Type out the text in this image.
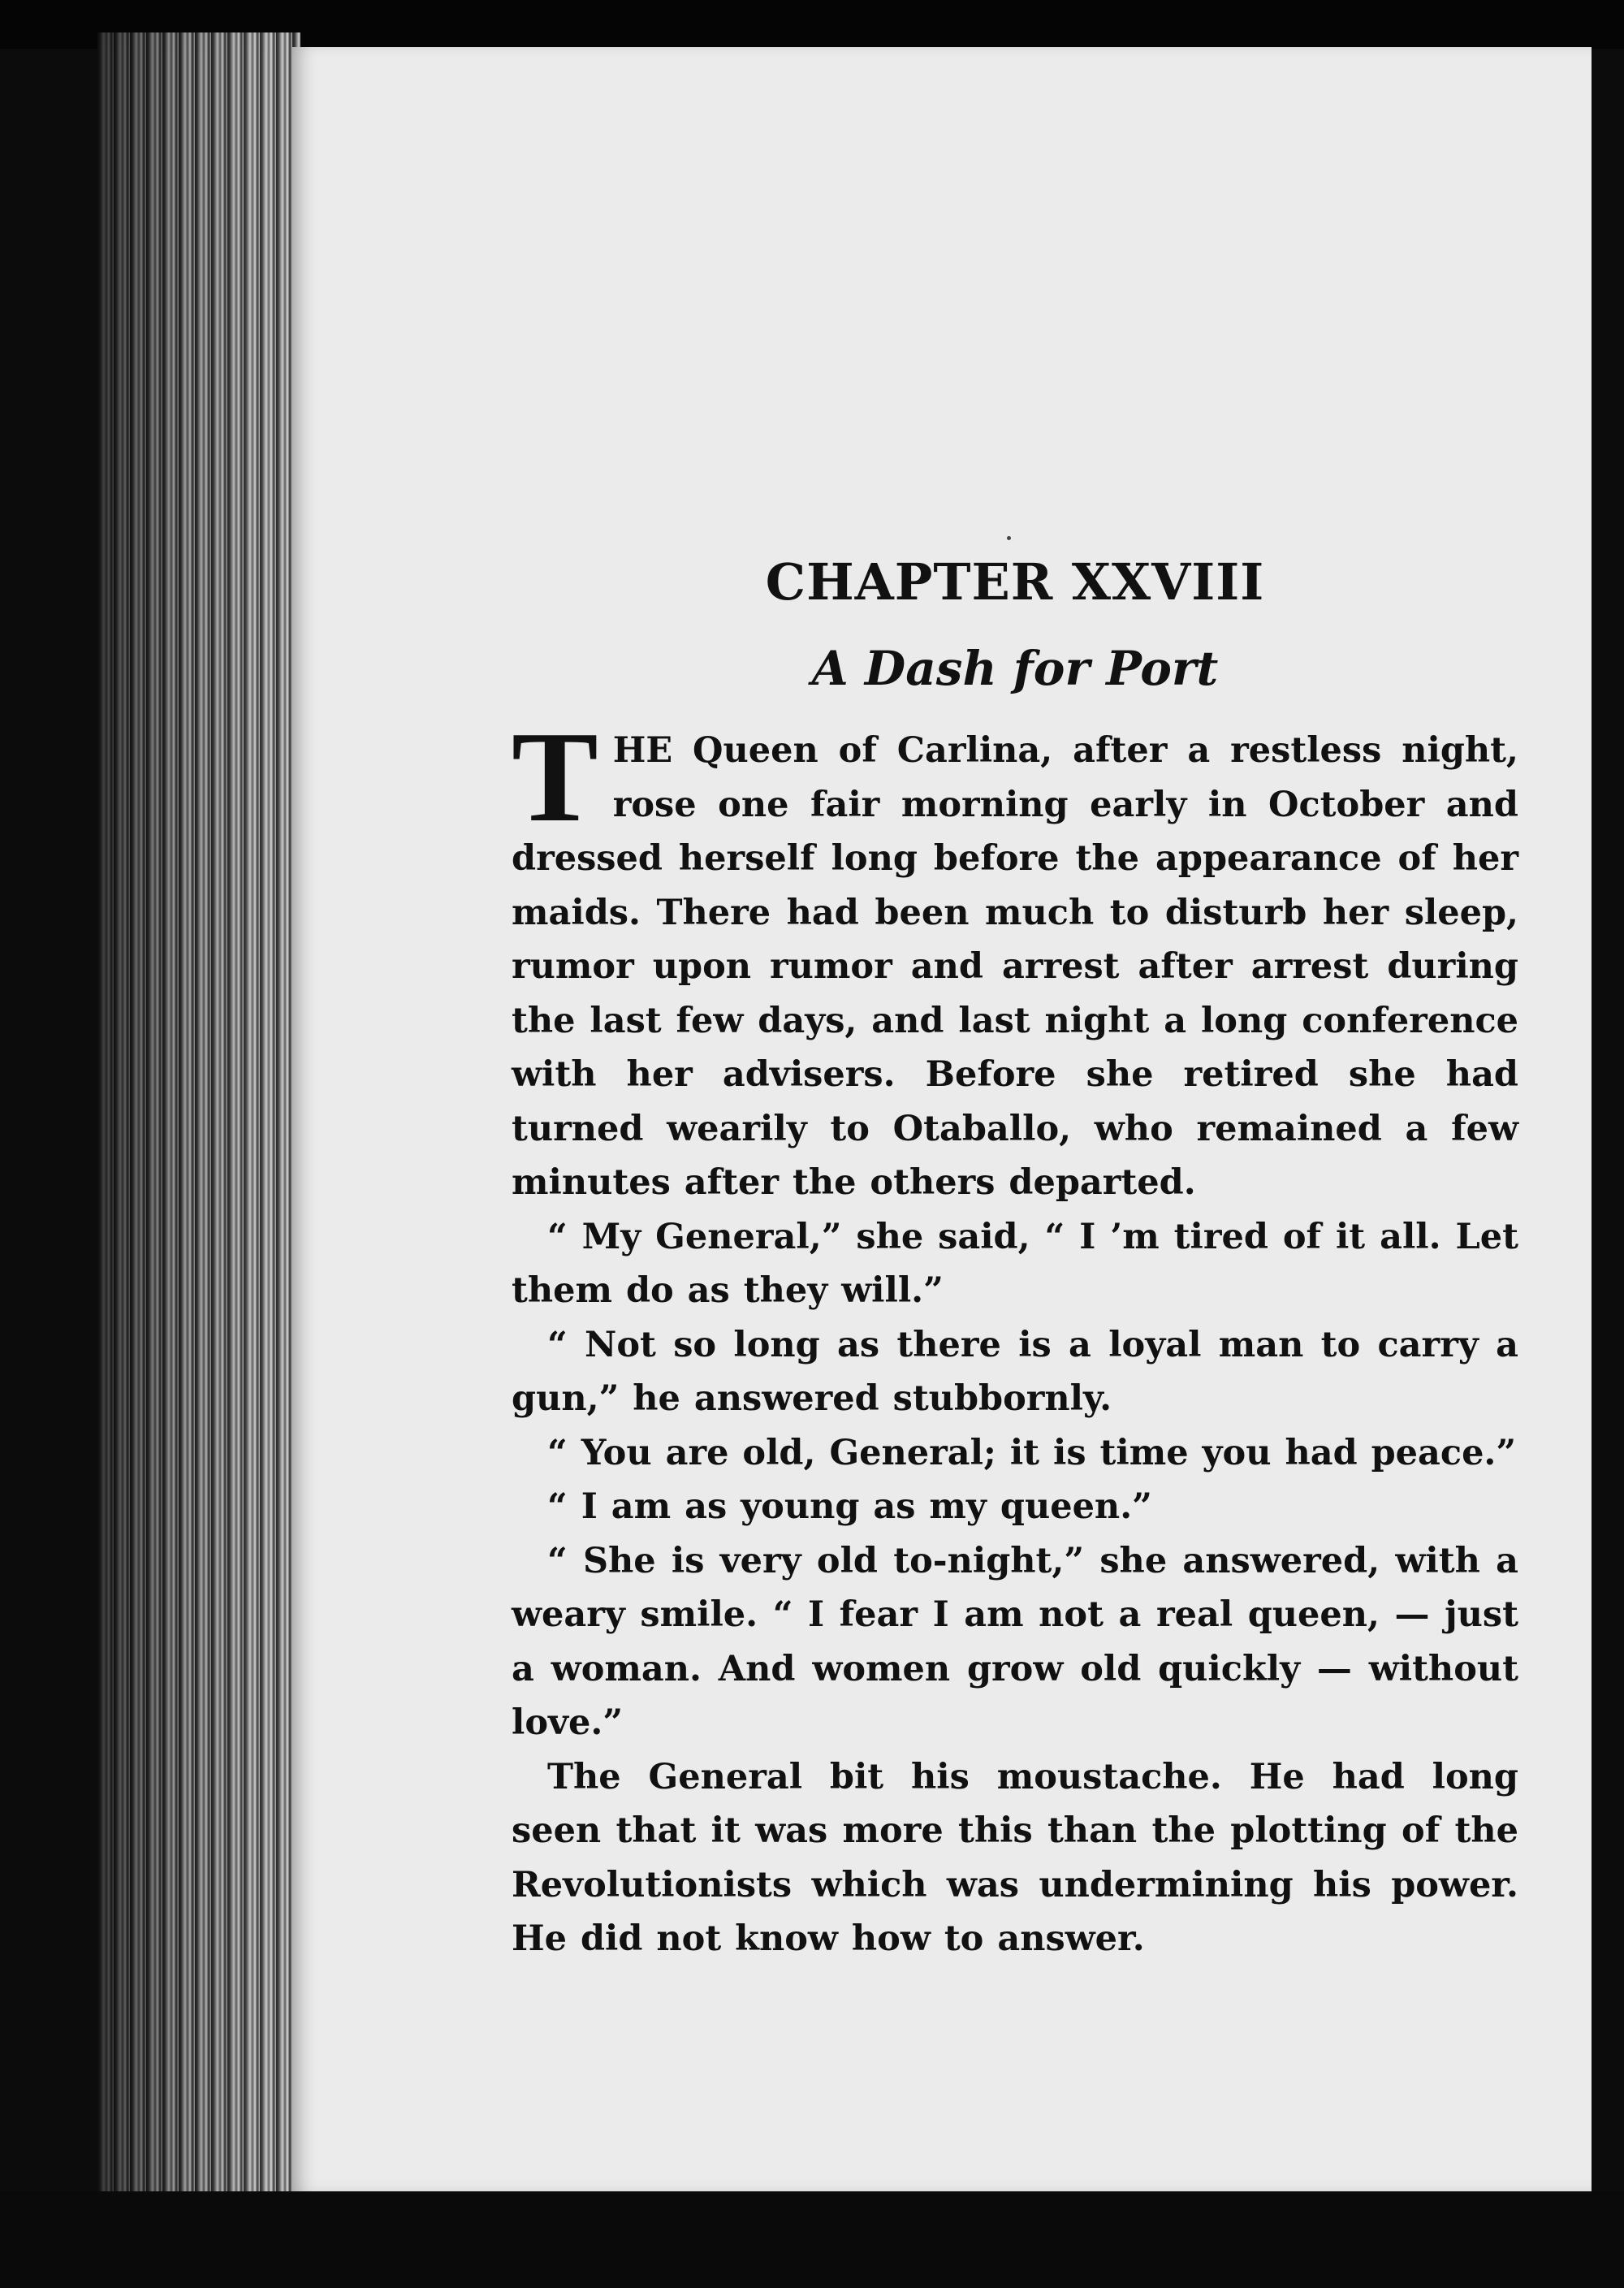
CHAPTER XXVIII
A Dash for Port

THE Queen of Carlina, after a restless night, rose one fair morning early in October and dressed herself long before the appearance of her maids. There had been much to disturb her sleep, rumor upon rumor and arrest after arrest during the last few days, and last night a long conference with her advisers. Before she retired she had turned wearily to Otaballo, who remained a few minutes after the others departed.

“ My General,” she said, “ I ’m tired of it all. Let them do as they will.”

“ Not so long as there is a loyal man to carry a gun,” he answered stubbornly.

“ You are old, General; it is time you had peace.”

“ I am as young as my queen.”

“ She is very old to-night,” she answered, with a weary smile. “ I fear I am not a real queen, — just a woman. And women grow old quickly — without love.”

The General bit his moustache. He had long seen that it was more this than the plotting of the Revolutionists which was undermining his power. He did not know how to answer.
